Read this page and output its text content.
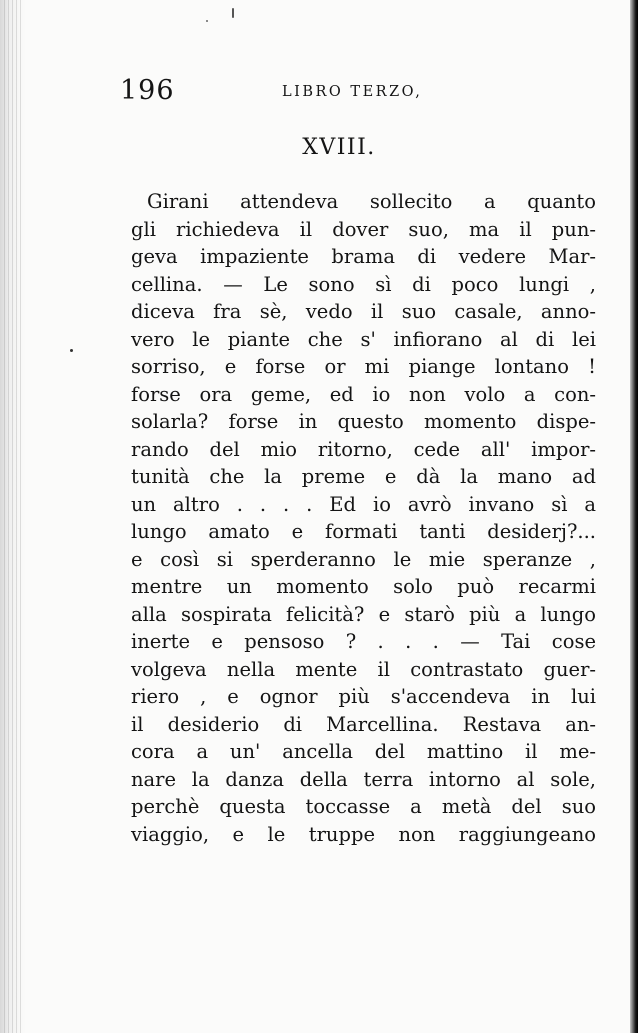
196	LIBRO TERZO,
XVIII.
Girani attendeva sollecito a quanto
gli richiedeva il dover suo, ma il pun-
geva impaziente brama di vedere Mar-
cellina. — Le sono sì di poco lungi ,
diceva fra sè, vedo il suo casale, anno-
vero le piante che s' infiorano al di lei
sorriso, e forse or mi piange lontano !
forse ora geme, ed io non volo a con-
solarla? forse in questo momento dispe-
rando del mio ritorno, cede all' impor-
tunità che la preme e dà la mano ad
un altro . . . . Ed io avrò invano sì a
lungo amato e formati tanti desiderj?...
e così si sperderanno le mie speranze ,
mentre un momento solo può recarmi
alla sospirata felicità? e starò più a lungo
inerte e pensoso ? . . . — Tai cose
volgeva nella mente il contrastato guer-
riero , e ognor più s'accendeva in lui
il desiderio di Marcellina. Restava an-
cora a un' ancella del mattino il me-
nare la danza della terra intorno al sole,
perchè questa toccasse a metà del suo
viaggio, e le truppe non raggiungeano
